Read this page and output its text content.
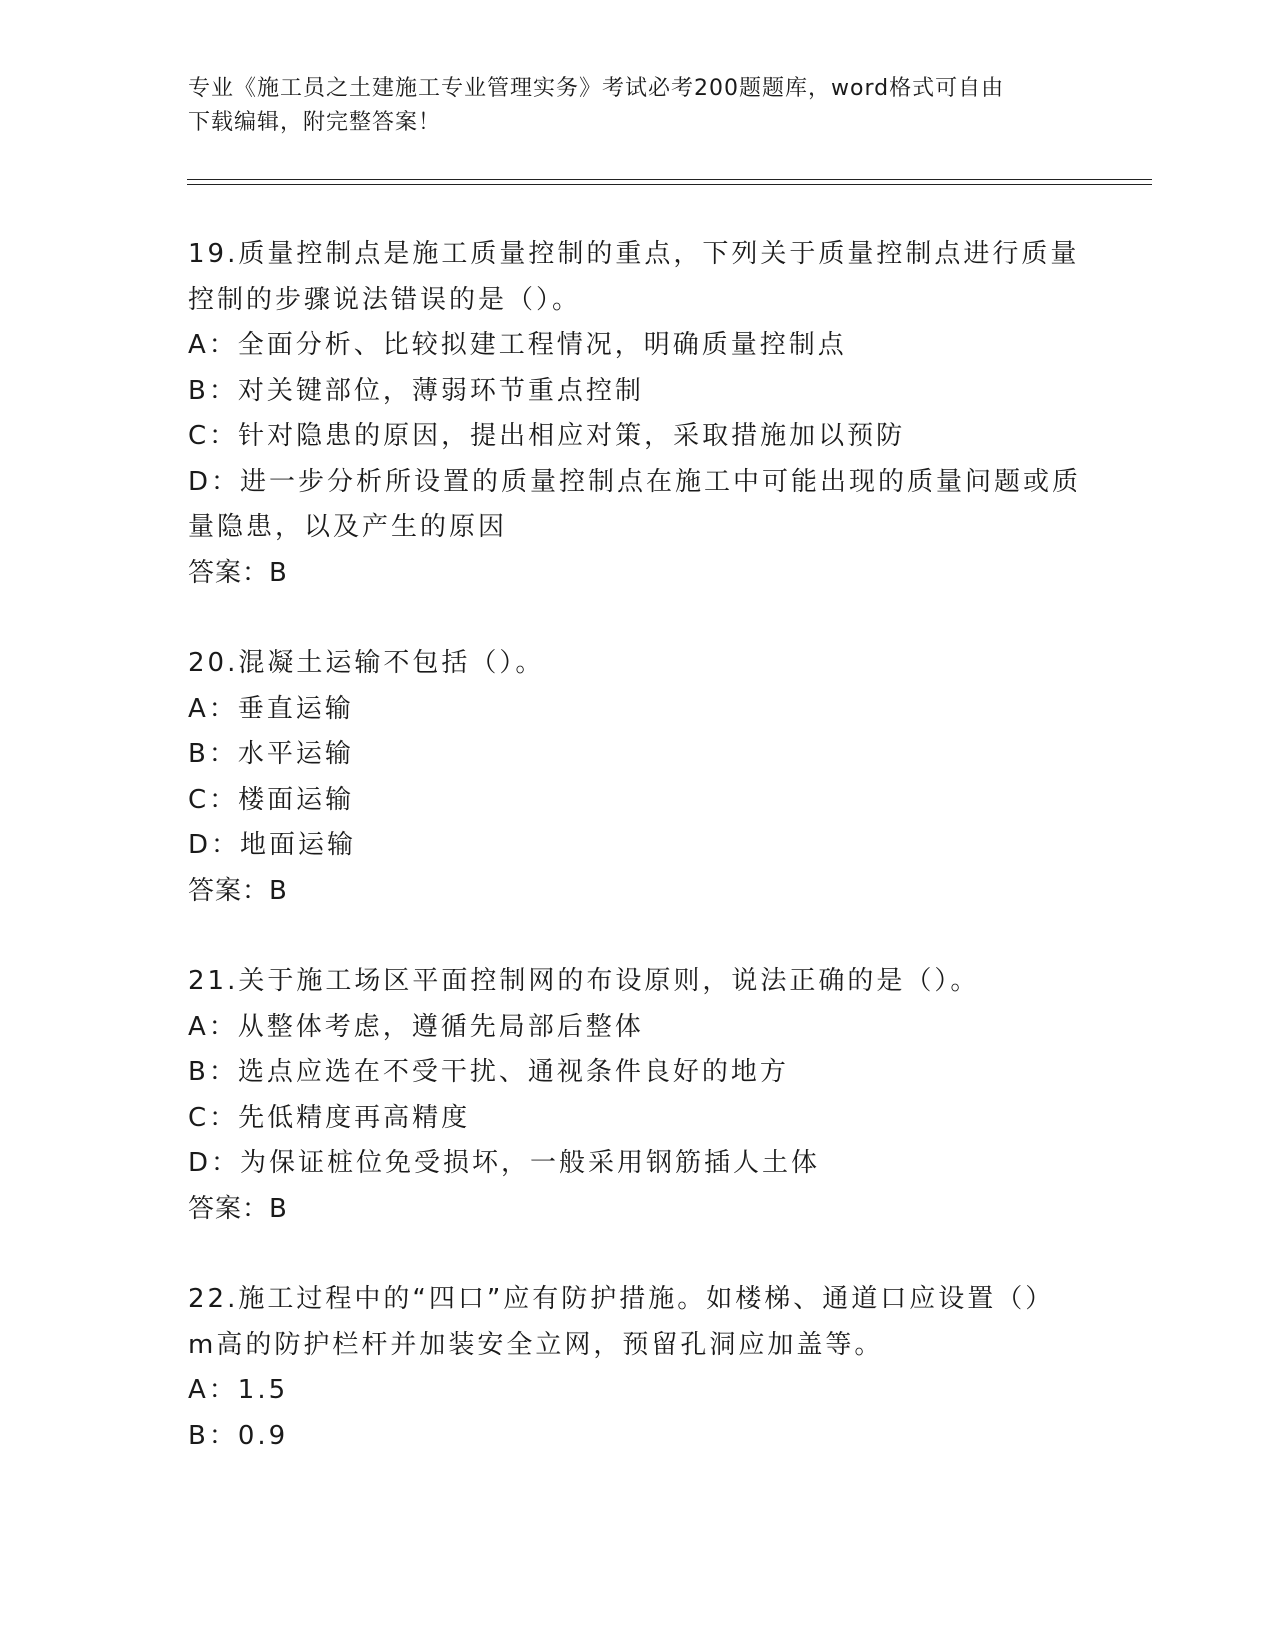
专业《施工员之土建施工专业管理实务》考试必考200题题库，word格式可自由
下载编辑，附完整答案！
19.质量控制点是施工质量控制的重点，下列关于质量控制点进行质量
控制的步骤说法错误的是（）。
A：全面分析、比较拟建工程情况，明确质量控制点
B：对关键部位，薄弱环节重点控制
C：针对隐患的原因，提出相应对策，采取措施加以预防
D：进一步分析所设置的质量控制点在施工中可能出现的质量问题或质
量隐患，以及产生的原因
答案：B
20.混凝土运输不包括（）。
A：垂直运输
B：水平运输
C：楼面运输
D：地面运输
答案：B
21.关于施工场区平面控制网的布设原则，说法正确的是（）。
A：从整体考虑，遵循先局部后整体
B：选点应选在不受干扰、通视条件良好的地方
C：先低精度再高精度
D：为保证桩位免受损坏，一般采用钢筋插人土体
答案：B
22.施工过程中的“四口”应有防护措施。如楼梯、通道口应设置（）
m高的防护栏杆并加装安全立网，预留孔洞应加盖等。
A：1.5
B：0.9
